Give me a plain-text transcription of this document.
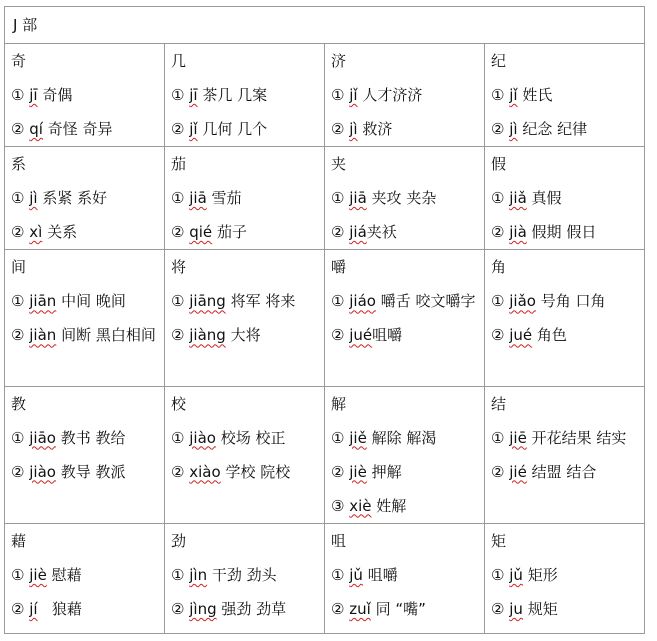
J 部			

奇
① jī 奇偶
② qí 奇怪 奇异	几
① jī 茶几 几案
② jǐ 几何 几个	济
① jǐ 人才济济
② jì 救济	纪
① jǐ 姓氏
② jì 纪念 纪律

系
① jì 系紧 系好
② xì 关系	茄
① jiā 雪茄
② qié 茄子	夹
① jiā 夹攻 夹杂
② jiá夹袄	假
① jiǎ 真假
② jià 假期 假日

间
① jiān 中间 晚间
② jiàn 间断 黑白相间	将
① jiāng 将军 将来
② jiàng 大将	嚼
① jiáo 嚼舌 咬文嚼字
② jué咀嚼	角
① jiǎo 号角 口角
② jué 角色

教
① jiāo 教书 教给
② jiào 教导 教派	校
① jiào 校场 校正
② xiào 学校 院校	解
① jiě 解除 解渴
② jiè 押解
③ xiè 姓解	结
① jiē 开花结果 结实
② jié 结盟 结合

藉
① jiè 慰藉
② jí 狼藉	劲
① jìn 干劲 劲头
② jìng 强劲 劲草	咀
① jǔ 咀嚼
② zuǐ 同 “嘴”	矩
① jǔ 矩形
② ju 规矩
